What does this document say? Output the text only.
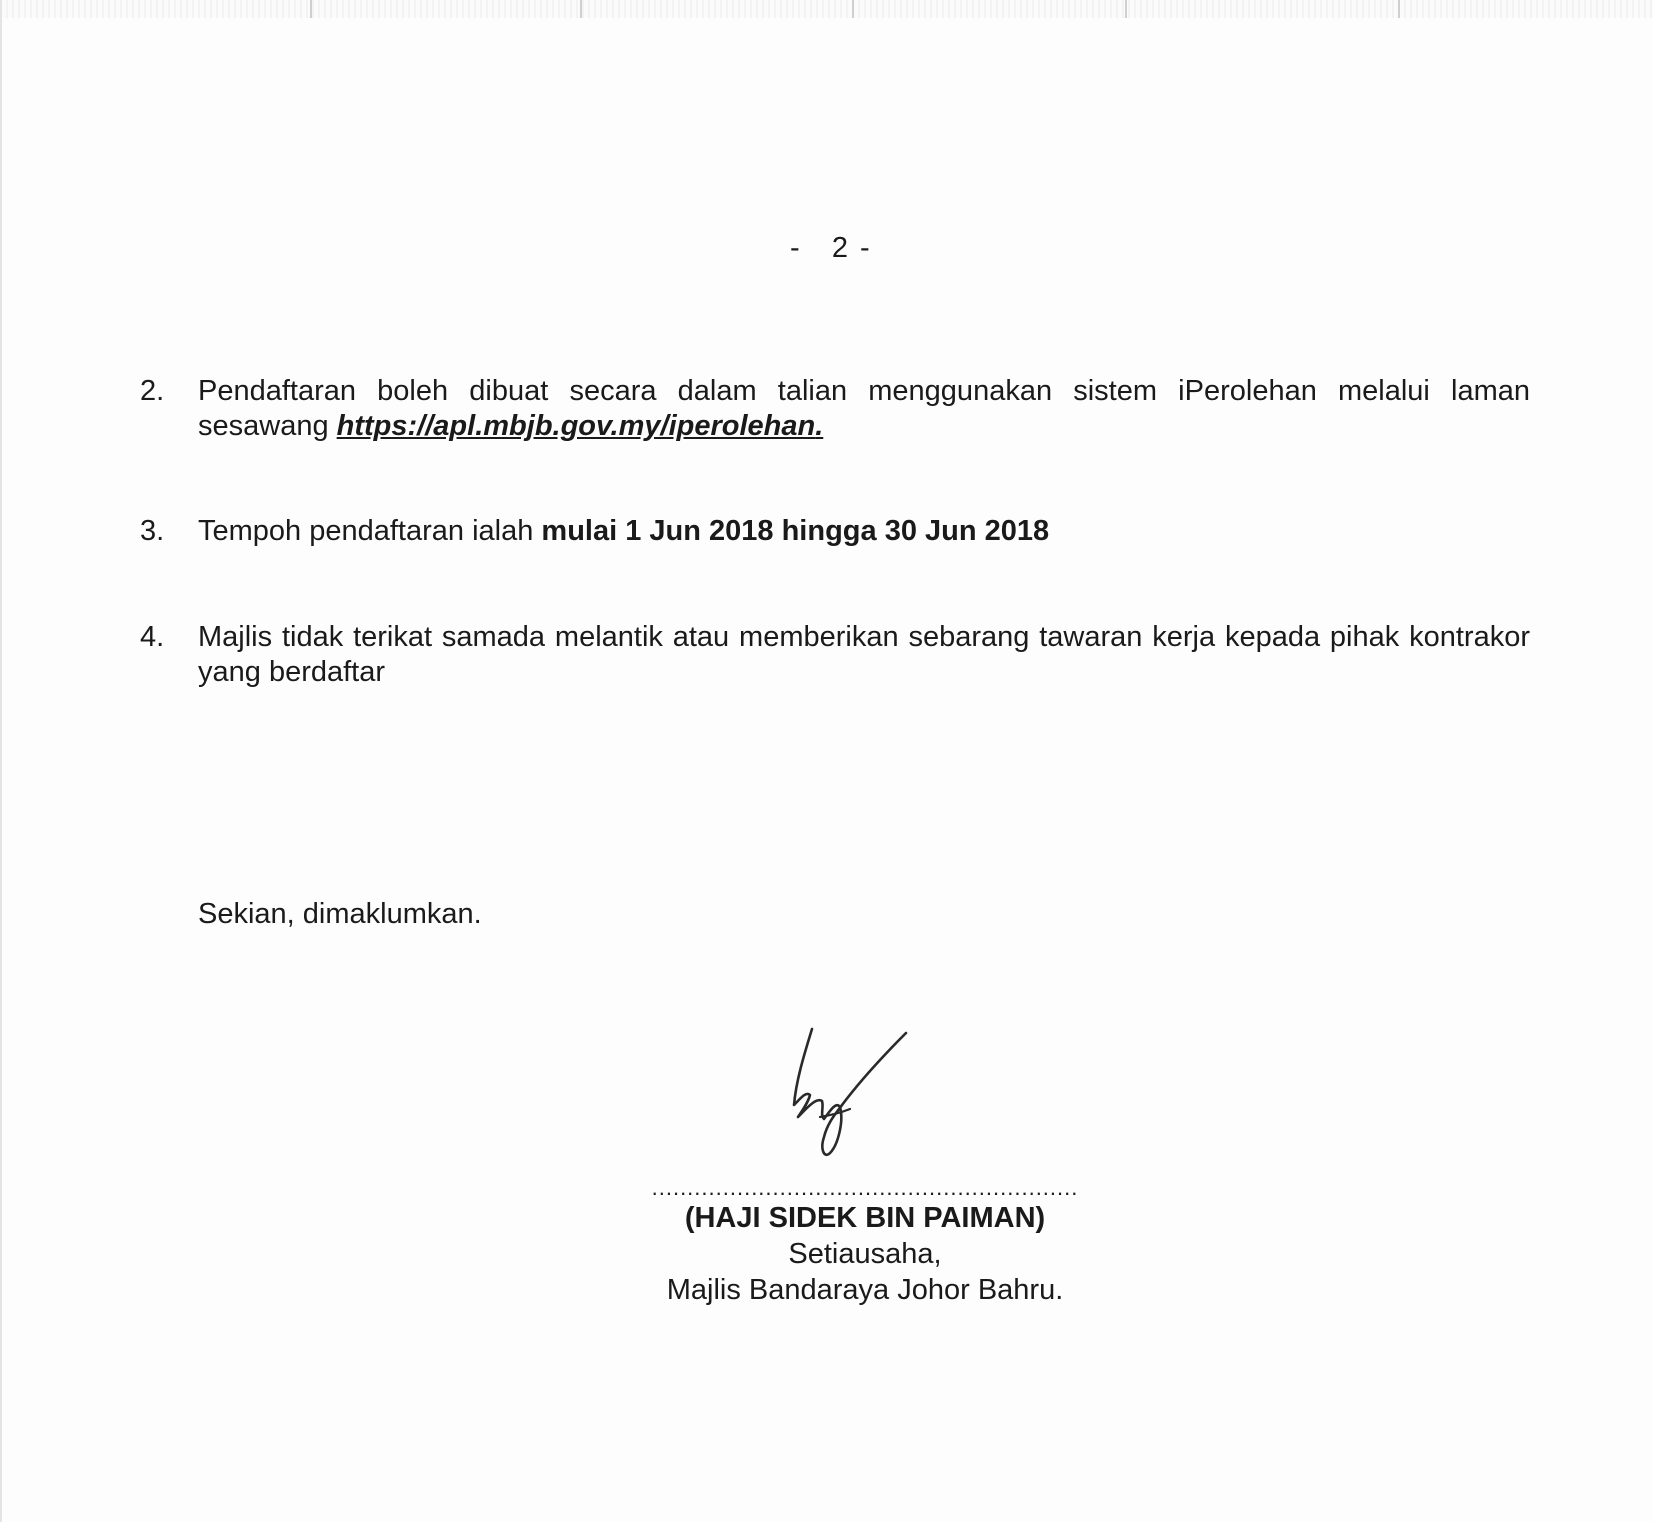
-   2 -
2. Pendaftaran boleh dibuat secara dalam talian menggunakan sistem iPerolehan melalui laman sesawang https://apl.mbjb.gov.my/iperolehan.
3. Tempoh pendaftaran ialah mulai 1 Jun 2018 hingga 30 Jun 2018
4. Majlis tidak terikat samada melantik atau memberikan sebarang tawaran kerja kepada pihak kontrakor yang berdaftar
Sekian, dimaklumkan.
............................................................
(HAJI SIDEK BIN PAIMAN)
Setiausaha,
Majlis Bandaraya Johor Bahru.
